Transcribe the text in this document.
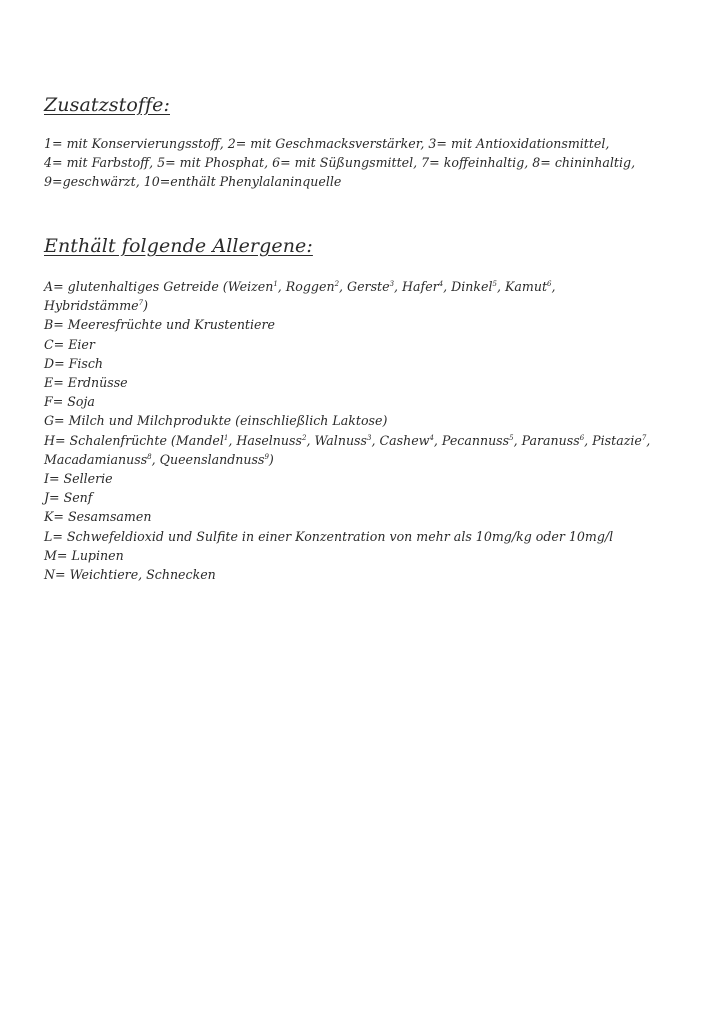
Zusatzstoffe:
1= mit Konservierungsstoff, 2= mit Geschmacksverstärker, 3= mit Antioxidationsmittel,
4= mit Farbstoff, 5= mit Phosphat, 6= mit Süßungsmittel, 7= koffeinhaltig, 8= chininhaltig,
9=geschwärzt, 10=enthält Phenylalaninquelle
Enthält folgende Allergene:
A= glutenhaltiges Getreide (Weizen$^1$, Roggen$^2$, Gerste$^3$, Hafer$^4$, Dinkel$^5$, Kamut$^6$, Hybridstämme$^7$)
B= Meeresfrüchte und Krustentiere
C= Eier
D= Fisch
E= Erdnüsse
F= Soja
G= Milch und Milchprodukte (einschließlich Laktose)
H= Schalenfrüchte (Mandel$^1$, Haselnuss$^2$, Walnuss$^3$, Cashew$^4$, Pecannuss$^5$, Paranuss$^6$, Pistazie$^7$, Macadamianuss$^8$, Queenslandnuss$^9$)
I= Sellerie
J= Senf
K= Sesamsamen
L= Schwefeldioxid und Sulfite in einer Konzentration von mehr als 10mg/kg oder 10mg/l
M= Lupinen
N= Weichtiere, Schnecken
